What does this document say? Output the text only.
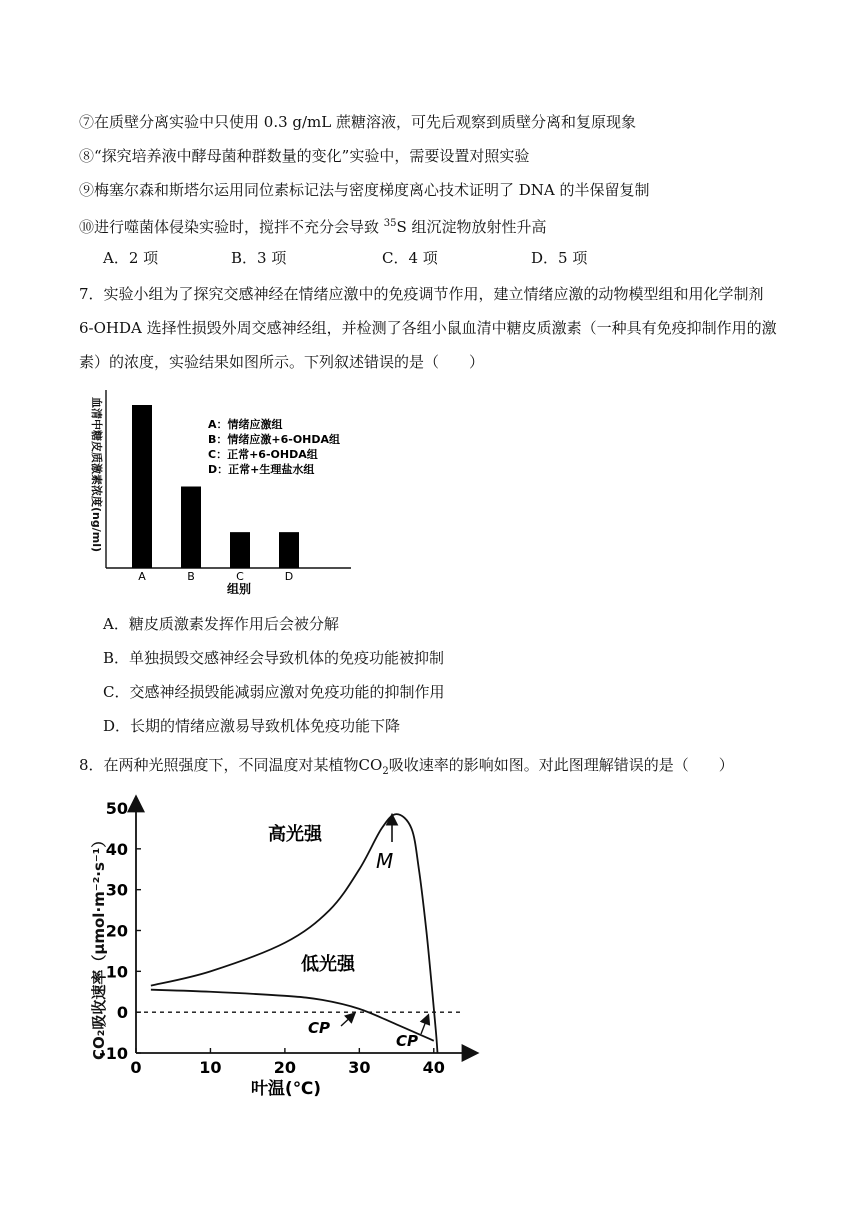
⑦在质壁分离实验中只使用 0.3 g/mL 蔗糖溶液，可先后观察到质壁分离和复原现象
⑧“探究培养液中酵母菌种群数量的变化”实验中，需要设置对照实验
⑨梅塞尔森和斯塔尔运用同位素标记法与密度梯度离心技术证明了 DNA 的半保留复制
⑩进行噬菌体侵染实验时，搅拌不充分会导致 $^{35}$S 组沉淀物放射性升高
A．2 项	B．3 项	C．4 项	D．5 项
7．实验小组为了探究交感神经在情绪应激中的免疫调节作用，建立情绪应激的动物模型组和用化学制剂
6-OHDA 选择性损毁外周交感神经组，并检测了各组小鼠血清中糖皮质激素（一种具有免疫抑制作用的激
素）的浓度，实验结果如图所示。下列叙述错误的是（　　）
血清中糖皮质激素浓度(ng/ml)
A	B	C	D
组别
A：情绪应激组
B：情绪应激+6-OHDA组
C：正常+6-OHDA组
D：正常+生理盐水组
A．糖皮质激素发挥作用后会被分解
B．单独损毁交感神经会导致机体的免疫功能被抑制
C．交感神经损毁能减弱应激对免疫功能的抑制作用
D．长期的情绪应激易导致机体免疫功能下降
8．在两种光照强度下，不同温度对某植物$CO_2$吸收速率的影响如图。对此图理解错误的是（　　）
CO₂吸收速率（μmol·m⁻²·s⁻¹）
-10
0
10
20
30
40
50
0	10	20	30	40
叶温(℃)
高光强
低光强
M
CP
CP
